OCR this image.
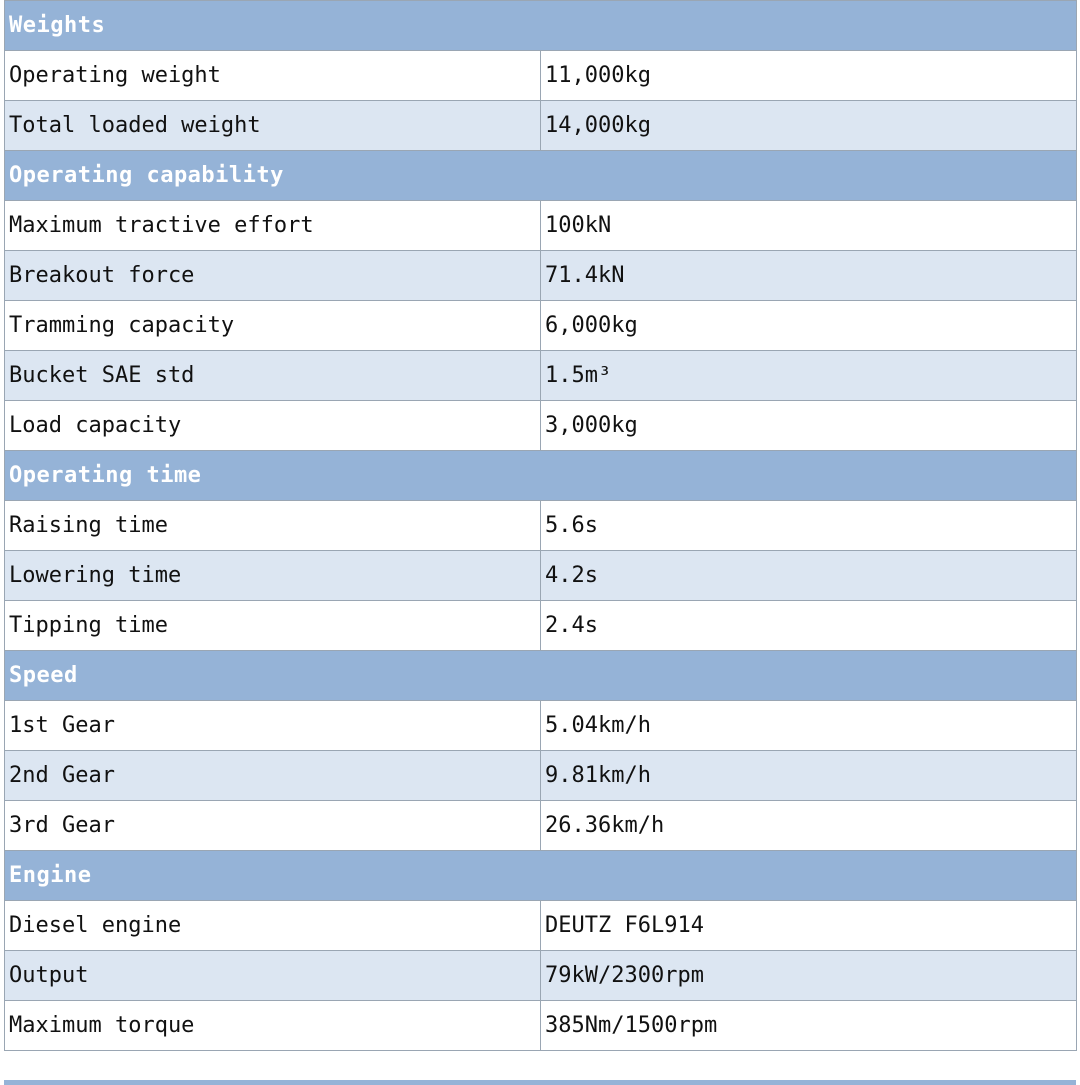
Weights	
Operating weight	11,000kg
Total loaded weight	14,000kg
Operating capability	
Maximum tractive effort	100kN
Breakout force	71.4kN
Tramming capacity	6,000kg
Bucket SAE std	1.5m³
Load capacity	3,000kg
Operating time	
Raising time	5.6s
Lowering time	4.2s
Tipping time	2.4s
Speed	
1st Gear	5.04km/h
2nd Gear	9.81km/h
3rd Gear	26.36km/h
Engine	
Diesel engine	DEUTZ F6L914
Output	79kW/2300rpm
Maximum torque	385Nm/1500rpm
